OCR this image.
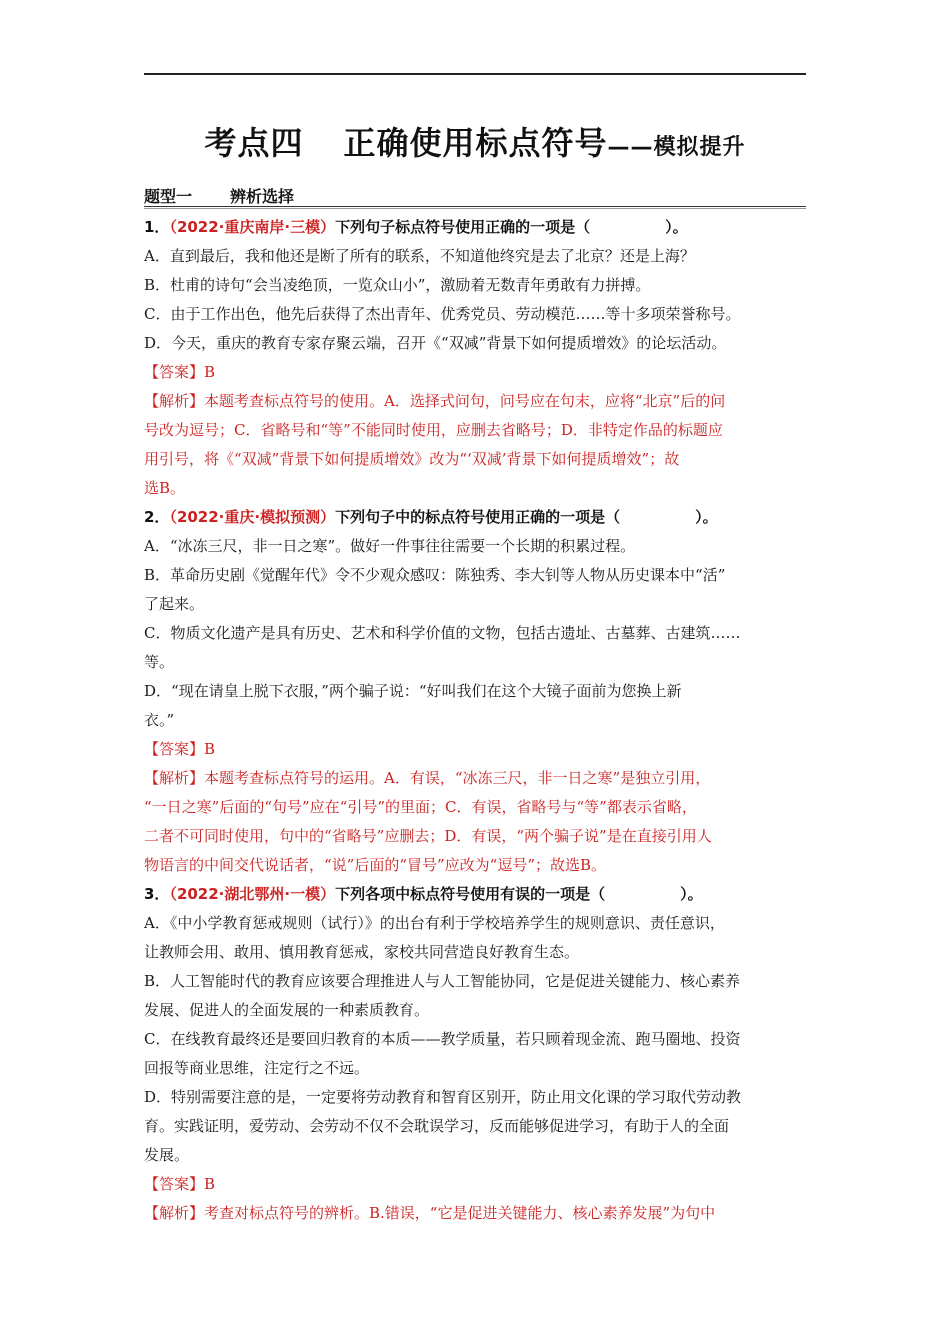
考点四 正确使用标点符号——模拟提升
题型一 辨析选择
1．（2022·重庆南岸·三模）下列句子标点符号使用正确的一项是（　　　　　）。
A．直到最后，我和他还是断了所有的联系，不知道他终究是去了北京？还是上海？
B．杜甫的诗句“会当凌绝顶，一览众山小”，激励着无数青年勇敢有力拼搏。
C．由于工作出色，他先后获得了杰出青年、优秀党员、劳动模范……等十多项荣誉称号。
D．今天，重庆的教育专家存聚云端，召开《“双减”背景下如何提质增效》的论坛活动。
【答案】B
【解析】本题考查标点符号的使用。A．选择式问句，问号应在句末，应将“北京”后的问
号改为逗号；C．省略号和“等”不能同时使用，应删去省略号；D．非特定作品的标题应
用引号，将《“双减”背景下如何提质增效》改为“‘双减’背景下如何提质增效”；故
选B。
2．（2022·重庆·模拟预测）下列句子中的标点符号使用正确的一项是（　　　　　）。
A．“冰冻三尺，非一日之寒”。做好一件事往往需要一个长期的积累过程。
B．革命历史剧《觉醒年代》令不少观众感叹：陈独秀、李大钊等人物从历史课本中“活”
了起来。
C．物质文化遗产是具有历史、艺术和科学价值的文物，包括古遗址、古墓葬、古建筑……
等。
D．“现在请皇上脱下衣服，”两个骗子说：“好叫我们在这个大镜子面前为您换上新
衣。”
【答案】B
【解析】本题考查标点符号的运用。A．有误，“冰冻三尺，非一日之寒”是独立引用，
“一日之寒”后面的“句号”应在“引号”的里面；C．有误，省略号与“等”都表示省略，
二者不可同时使用，句中的“省略号”应删去；D．有误，“两个骗子说”是在直接引用人
物语言的中间交代说话者，“说”后面的“冒号”应改为“逗号”；故选B。
3．（2022·湖北鄂州·一模）下列各项中标点符号使用有误的一项是（　　　　　）。
A．《中小学教育惩戒规则（试行）》的出台有利于学校培养学生的规则意识、责任意识，
让教师会用、敢用、慎用教育惩戒，家校共同营造良好教育生态。
B．人工智能时代的教育应该要合理推进人与人工智能协同，它是促进关键能力、核心素养
发展、促进人的全面发展的一种素质教育。
C．在线教育最终还是要回归教育的本质——教学质量，若只顾着现金流、跑马圈地、投资
回报等商业思维，注定行之不远。
D．特别需要注意的是，一定要将劳动教育和智育区别开，防止用文化课的学习取代劳动教
育。实践证明，爱劳动、会劳动不仅不会耽误学习，反而能够促进学习，有助于人的全面
发展。
【答案】B
【解析】考查对标点符号的辨析。B.错误，“它是促进关键能力、核心素养发展”为句中
